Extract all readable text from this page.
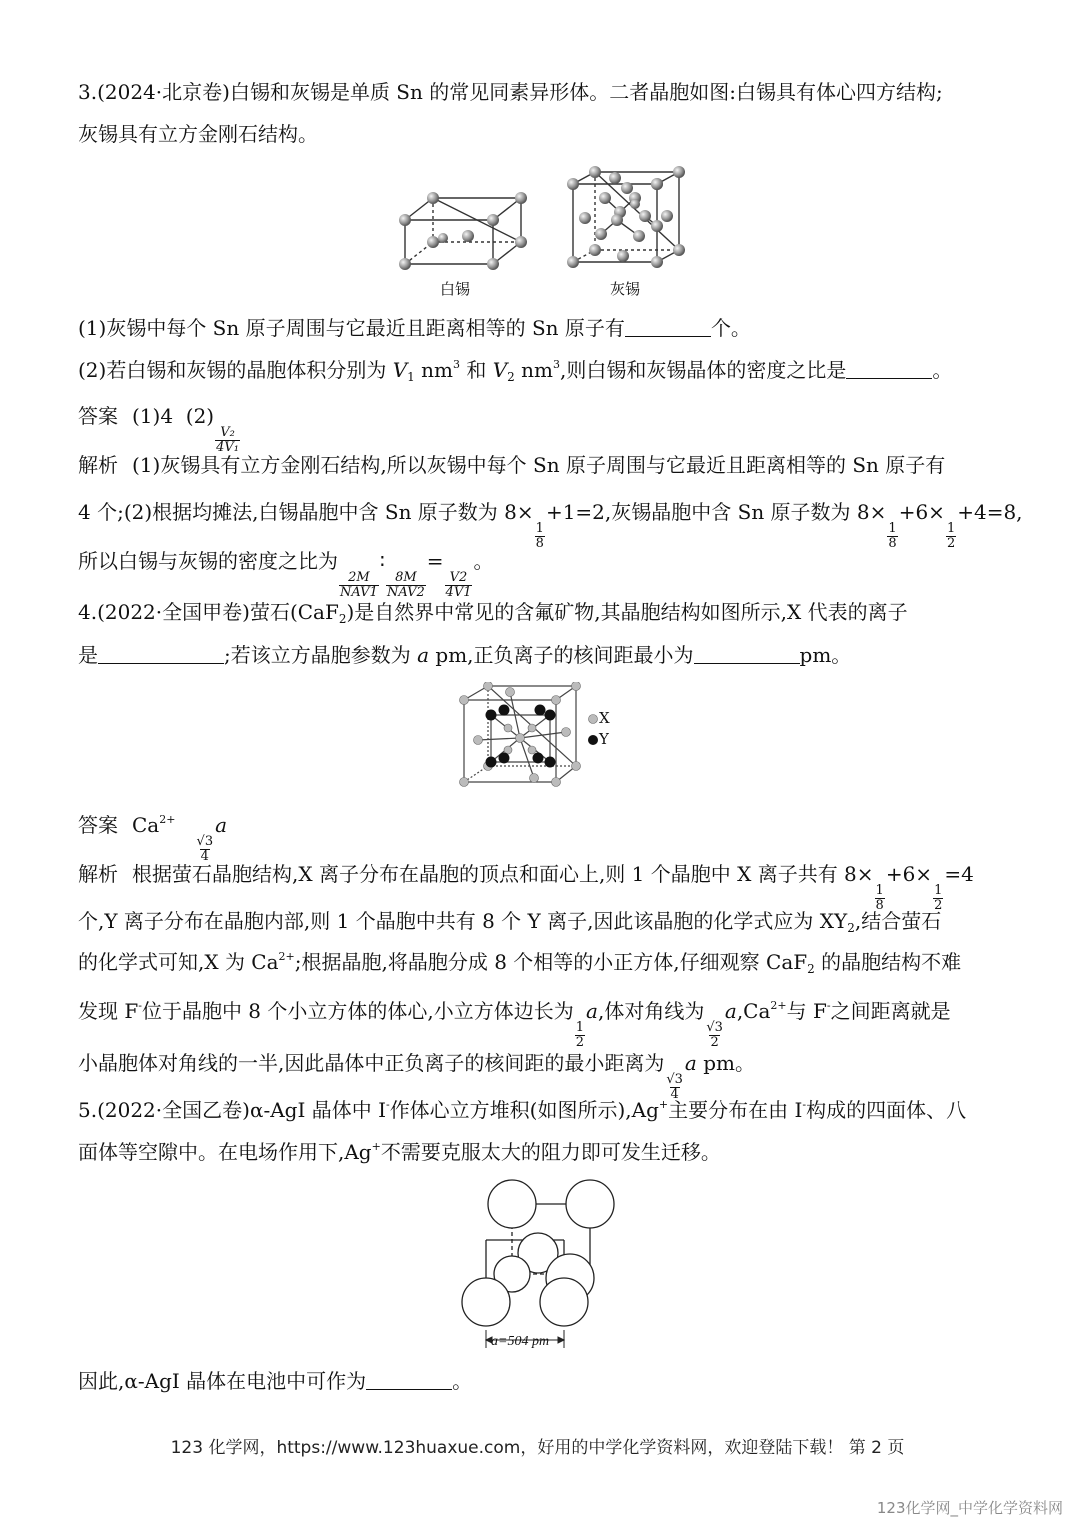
3.(2024·北京卷)白锡和灰锡是单质 Sn 的常见同素异形体。二者晶胞如图:白锡具有体心四方结构;
灰锡具有立方金刚石结构。
白锡	灰锡
(1)灰锡中每个 Sn 原子周围与它最近且距离相等的 Sn 原子有	个。
(2)若白锡和灰锡的晶胞体积分别为 $V_1$ $nm^3$ 和 $V_2$ $nm^3$,则白锡和灰锡晶体的密度之比是	。
答案 (1)4 (2)
$\frac{\text{V₂}}{\text{4V₁}}$
解析 (1)灰锡具有立方金刚石结构,所以灰锡中每个 Sn 原子周围与它最近且距离相等的 Sn 原子有
4 个;(2)根据均摊法,白锡晶胞中含 Sn 原子数为 8×
$\frac{1}{8}$
+1=2,灰锡晶胞中含 Sn 原子数为 8×
$\frac{1}{8}$
+6×
$\frac{1}{2}$
+4=8,
所以白锡与灰锡的密度之比为
$\frac{2M}{\text{NAV1}}$
∶
$\frac{8M}{\text{NAV2}}$
=
$\frac{V2}{4V1}$
。
4.(2022·全国甲卷)萤石(CaF$_2$)是自然界中常见的含氟矿物,其晶胞结构如图所示,X 代表的离子
是	;若该立方晶胞参数为 a pm,正负离子的核间距最小为	pm。
X
Y
答案 $Ca^{2+}$
$\frac{√3}{4}$
a
解析 根据萤石晶胞结构,X 离子分布在晶胞的顶点和面心上,则 1 个晶胞中 X 离子共有 8×
$\frac{1}{8}$
+6×
$\frac{1}{2}$
=4
个,Y 离子分布在晶胞内部,则 1 个晶胞中共有 8 个 Y 离子,因此该晶胞的化学式应为 $XY_2$,结合萤石
的化学式可知,X 为 $Ca^{2+}$;根据晶胞,将晶胞分成 8 个相等的小正方体,仔细观察 CaF$_2$ 的晶胞结构不难
发现 F-位于晶胞中 8 个小立方体的体心,小立方体边长为
$\frac{1}{2}$
a,体对角线为
$\frac{√3}{2}$
$a,Ca^{2+}$与 F-之间距离就是
小晶胞体对角线的一半,因此晶体中正负离子的核间距的最小距离为
$\frac{√3}{4}$
a pm。
5.(2022·全国乙卷)α-AgI 晶体中 I-作体心立方堆积(如图所示),Ag+主要分布在由 I-构成的四面体、八
面体等空隙中。在电场作用下,Ag+不需要克服太大的阻力即可发生迁移。
a=504 pm
因此,α-AgI 晶体在电池中可作为	。
123 化学网，https://www.123huaxue.com，好用的中学化学资料网，欢迎登陆下载！ 第 2 页
123化学网_中学化学资料网
